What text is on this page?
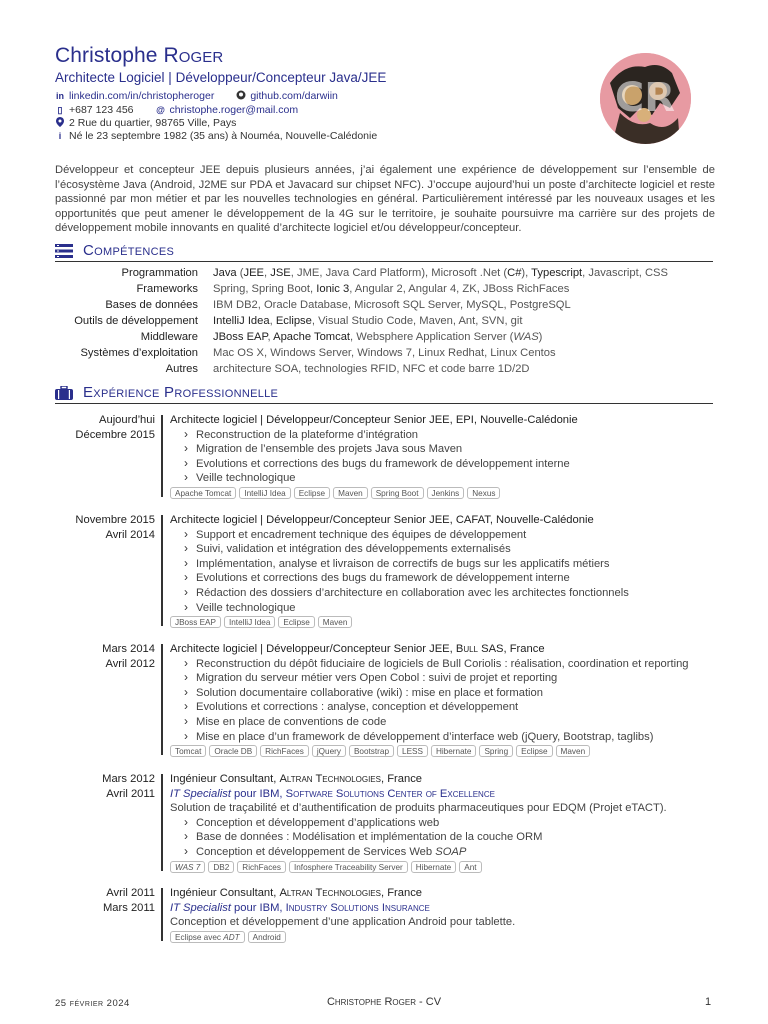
Christophe Roger
Architecte Logiciel | Développeur/Concepteur Java/JEE
in linkedin.com/in/christopheroger	github.com/darwiin
▯ +687 123 456	@ christophe.roger@mail.com
2 Rue du quartier, 98765 Ville, Pays
i Né le 23 septembre 1982 (35 ans) à Nouméa, Nouvelle-Calédonie
CR

Développeur et concepteur JEE depuis plusieurs années, j’ai également une expérience de développement sur l’ensemble de l’écosystème Java (Android, J2ME sur PDA et Javacard sur chipset NFC). J’occupe aujourd’hui un poste d’architecte logiciel et reste passionné par mon métier et par les nouvelles technologies en général. Particulièrement intéressé par les nouveaux usages et les opportunités que peut amener le développement de la 4G sur le territoire, je souhaite poursuivre ma carrière sur des projets de développement mobile innovants en qualité d’architecte logiciel et/ou développeur/concepteur.

Compétences
Programmation Java (JEE, JSE, JME, Java Card Platform), Microsoft .Net (C#), Typescript, Javascript, CSS
Frameworks Spring, Spring Boot, Ionic 3, Angular 2, Angular 4, ZK, JBoss RichFaces
Bases de données IBM DB2, Oracle Database, Microsoft SQL Server, MySQL, PostgreSQL
Outils de développement IntelliJ Idea, Eclipse, Visual Studio Code, Maven, Ant, SVN, git
Middleware JBoss EAP, Apache Tomcat, Websphere Application Server (WAS)
Systèmes d’exploitation Mac OS X, Windows Server, Windows 7, Linux Redhat, Linux Centos
Autres architecture SOA, technologies RFID, NFC et code barre 1D/2D
Expérience Professionnelle
Aujourd’hui
Décembre 2015
Architecte logiciel | Développeur/Concepteur Senior JEE, EPI, Nouvelle-Calédonie
› Reconstruction de la plateforme d’intégration
› Migration de l’ensemble des projets Java sous Maven
› Evolutions et corrections des bugs du framework de développement interne
› Veille technologique
Apache Tomcat	IntelliJ Idea	Eclipse	Maven	Spring Boot	Jenkins	Nexus
Novembre 2015
Avril 2014
Architecte logiciel | Développeur/Concepteur Senior JEE, CAFAT, Nouvelle-Calédonie
› Support et encadrement technique des équipes de développement
› Suivi, validation et intégration des développements externalisés
› Implémentation, analyse et livraison de correctifs de bugs sur les applicatifs métiers
› Evolutions et corrections des bugs du framework de développement interne
› Rédaction des dossiers d’architecture en collaboration avec les architectes fonctionnels
› Veille technologique
JBoss EAP	IntelliJ Idea	Eclipse	Maven
Mars 2014
Avril 2012
Architecte logiciel | Développeur/Concepteur Senior JEE, Bull SAS, France
› Reconstruction du dépôt fiduciaire de logiciels de Bull Coriolis : réalisation, coordination et reporting
› Migration du serveur métier vers Open Cobol : suivi de projet et reporting
› Solution documentaire collaborative (wiki) : mise en place et formation
› Evolutions et corrections : analyse, conception et développement
› Mise en place de conventions de code
› Mise en place d’un framework de développement d’interface web (jQuery, Bootstrap, taglibs)
Tomcat	Oracle DB	RichFaces	jQuery	Bootstrap	LESS	Hibernate	Spring	Eclipse	Maven
Mars 2012
Avril 2011
Ingénieur Consultant, Altran Technologies, France
IT Specialist pour IBM, Software Solutions Center of Excellence
Solution de traçabilité et d’authentification de produits pharmaceutiques pour EDQM (Projet eTACT).
› Conception et développement d’applications web
› Base de données : Modélisation et implémentation de la couche ORM
› Conception et développement de Services Web SOAP
WAS 7	DB2	RichFaces	Infosphere Traceability Server	Hibernate	Ant
Avril 2011
Mars 2011
Ingénieur Consultant, Altran Technologies, France
IT Specialist pour IBM, Industry Solutions Insurance
Conception et développement d’une application Android pour tablette.
Eclipse avec ADT	Android
25 février 2024	Christophe Roger - CV	1
